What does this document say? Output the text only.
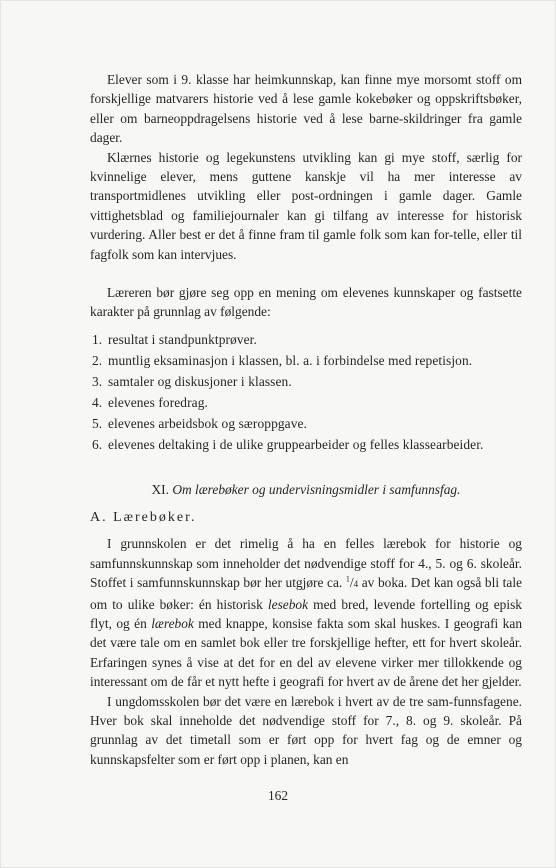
Elever som i 9. klasse har heimkunnskap, kan finne mye morsomt stoff om forskjellige matvarers historie ved å lese gamle kokebøker og oppskriftsbøker, eller om barneoppdragelsens historie ved å lese barne-skildringer fra gamle dager.

Klærnes historie og legekunstens utvikling kan gi mye stoff, særlig for kvinnelige elever, mens guttene kanskje vil ha mer interesse av transportmidlenes utvikling eller post-ordningen i gamle dager. Gamle vittighetsblad og familiejournaler kan gi tilfang av interesse for historisk vurdering. Aller best er det å finne fram til gamle folk som kan for-telle, eller til fagfolk som kan intervjues.

Læreren bør gjøre seg opp en mening om elevenes kunnskaper og fastsette karakter på grunnlag av følgende:

1. resultat i standpunktprøver.
2. muntlig eksaminasjon i klassen, bl. a. i forbindelse med repetisjon.
3. samtaler og diskusjoner i klassen.
4. elevenes foredrag.
5. elevenes arbeidsbok og særoppgave.
6. elevenes deltaking i de ulike gruppearbeider og felles klassearbeider.
XI. Om lærebøker og undervisningsmidler i samfunnsfag.
A. Lærebøker.

I grunnskolen er det rimelig å ha en felles lærebok for historie og samfunnskunnskap som inneholder det nødvendige stoff for 4., 5. og 6. skoleår. Stoffet i samfunnskunnskap bør her utgjøre ca. $^1$/4 av boka. Det kan også bli tale om to ulike bøker: én historisk lesebok med bred, levende fortelling og episk flyt, og én lærebok med knappe, konsise fakta som skal huskes. I geografi kan det være tale om en samlet bok eller tre forskjellige hefter, ett for hvert skoleår. Erfaringen synes å vise at det for en del av elevene virker mer tillokkende og interessant om de får et nytt hefte i geografi for hvert av de årene det her gjelder.

I ungdomsskolen bør det være en lærebok i hvert av de tre sam-funnsfagene. Hver bok skal inneholde det nødvendige stoff for 7., 8. og 9. skoleår. På grunnlag av det timetall som er ført opp for hvert fag og de emner og kunnskapsfelter som er ført opp i planen, kan en

162
